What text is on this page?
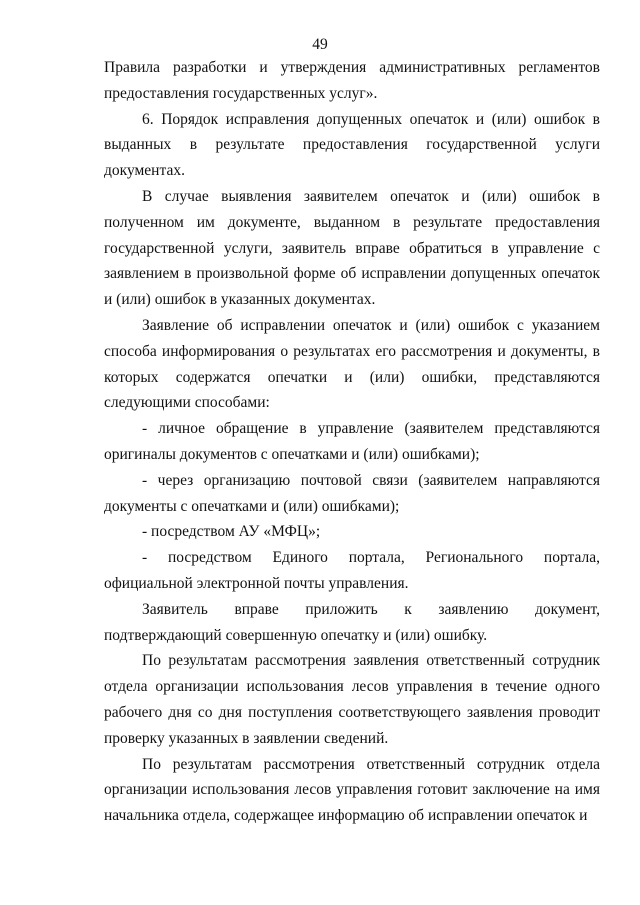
49

Правила разработки и утверждения административных регламентов предоставления государственных услуг».

6. Порядок исправления допущенных опечаток и (или) ошибок в выданных в результате предоставления государственной услуги документах.

В случае выявления заявителем опечаток и (или) ошибок в полученном им документе, выданном в результате предоставления государственной услуги, заявитель вправе обратиться в управление с заявлением в произвольной форме об исправлении допущенных опечаток и (или) ошибок в указанных документах.

Заявление об исправлении опечаток и (или) ошибок с указанием способа информирования о результатах его рассмотрения и документы, в которых содержатся опечатки и (или) ошибки, представляются следующими способами:

- личное обращение в управление (заявителем представляются оригиналы документов с опечатками и (или) ошибками);

- через организацию почтовой связи (заявителем направляются документы с опечатками и (или) ошибками);

- посредством АУ «МФЦ»;

- посредством Единого портала, Регионального портала, официальной электронной почты управления.

Заявитель вправе приложить к заявлению документ, подтверждающий совершенную опечатку и (или) ошибку.

По результатам рассмотрения заявления ответственный сотрудник отдела организации использования лесов управления в течение одного рабочего дня со дня поступления соответствующего заявления проводит проверку указанных в заявлении сведений.

По результатам рассмотрения ответственный сотрудник отдела организации использования лесов управления готовит заключение на имя начальника отдела, содержащее информацию об исправлении опечаток и
